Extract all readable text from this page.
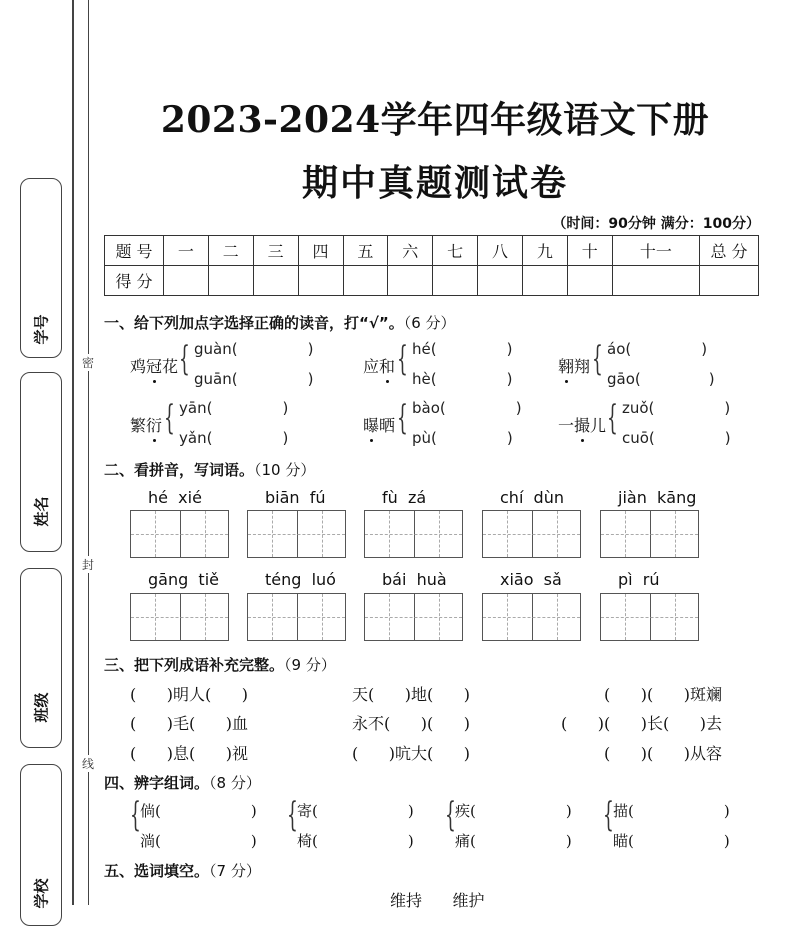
学号
姓名
班级
学校
密
封
线
2023-2024学年四年级语文下册
期中真题测试卷
（时间：90分钟 满分：100分）
题 号	一	二	三	四	五	六	七	八	九	十	十一	总 分
得 分												
一、给下列加点字选择正确的读音，打“√”。（6 分）
鸡冠花 { guàn(	)
guān(	)
应和 { hé(	)
hè(	)
翱翔 { áo(	)
gāo(	)
繁衍 { yān(	)
yǎn(	)
曝晒 { bào(	)
pù(	)
一撮儿 { zuǒ(	)
cuō(	)
二、看拼音，写词语。（10 分）
hé  xié	biān  fú	fù  zá	chí  dùn	jiàn  kāng
gāng  tiě	téng  luó	bái  huà	xiāo  sǎ	pì  rú
三、把下列成语补充完整。（9 分）
(      )明人(      )	天(      )地(      )	(      )(      )斑斓
(      )毛(      )血	永不(      )(      )	(      )(      )长(      )去
(      )息(      )视	(      )吭大(      )	(      )(      )从容
四、辨字组词。（8 分）
{ 倘(	)
淌(	)
{ 寄(	)
椅(	)
{ 疾(	)
痛(	)
{ 描(	)
瞄(	)
五、选词填空。（7 分）
维持      维护
